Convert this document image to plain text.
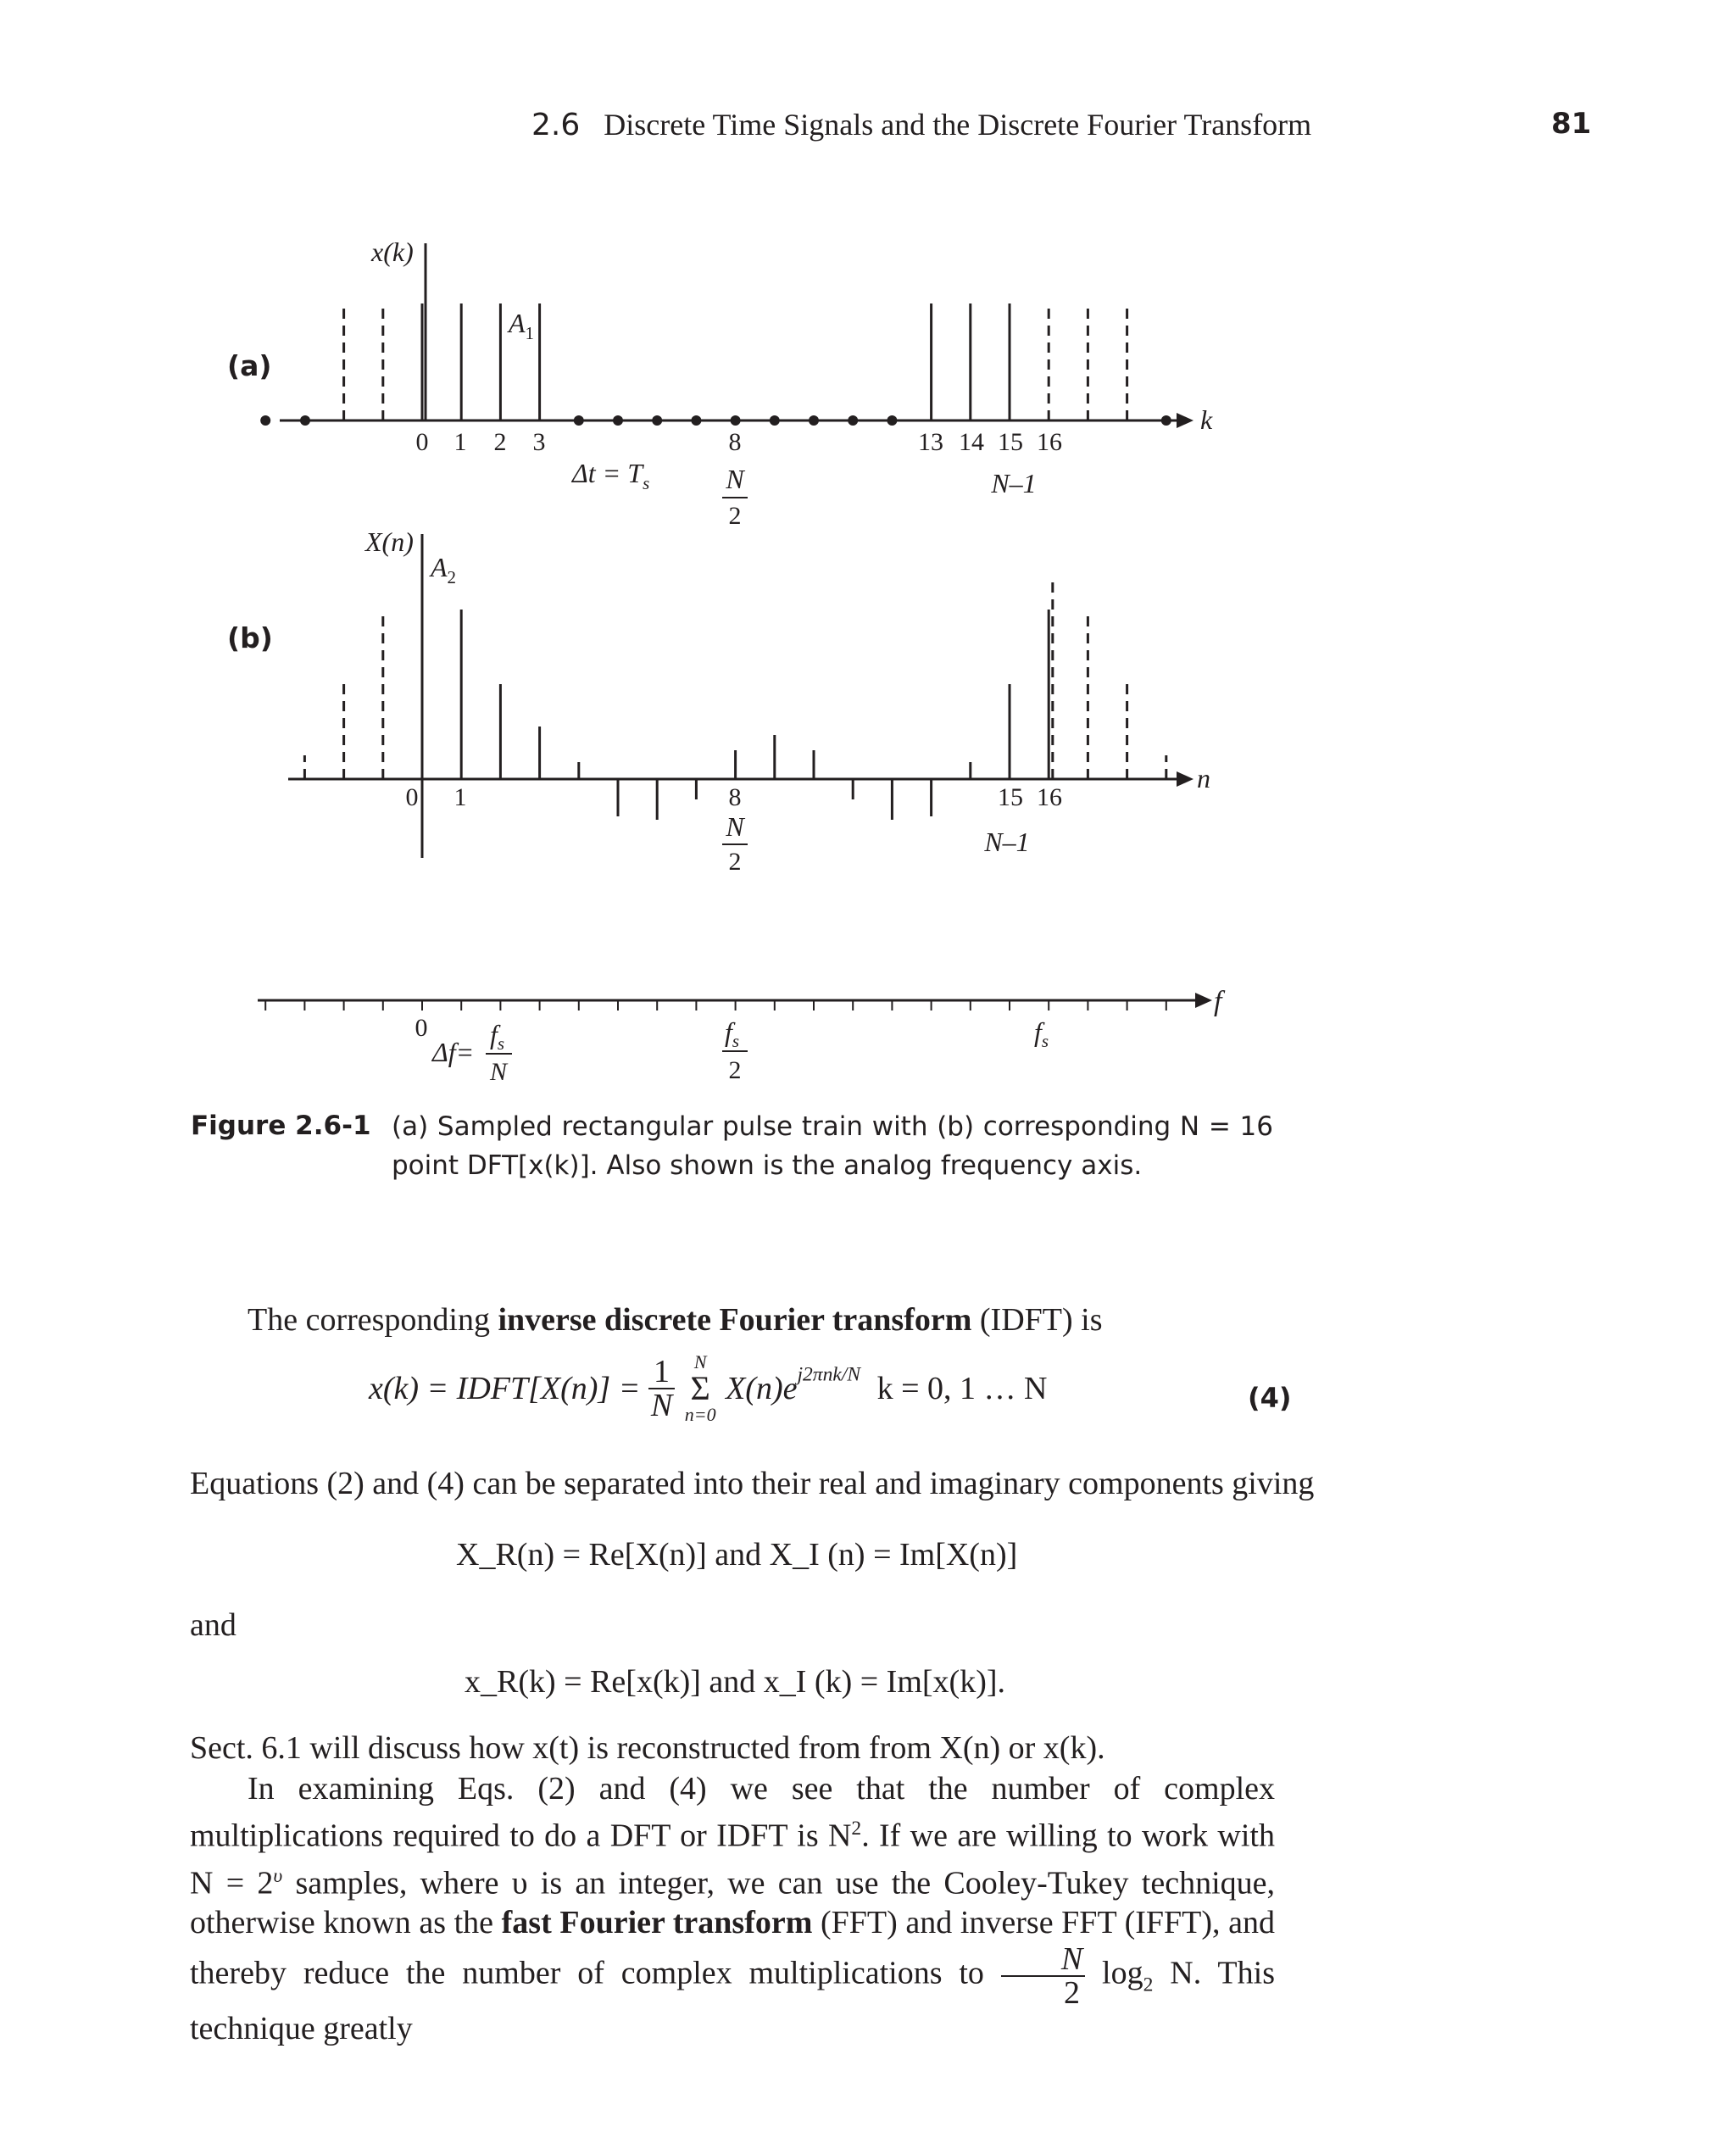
2.6 Discrete Time Signals and the Discrete Fourier Transform	81
(a)
x(k)
k
$A_1$
0 1 2 3	8	13 14 15 16
$\Delta t = T_s$	N
2
N–1
(b)
X(n)
n
$A_2$
0 1	8	15 16
N
2
N–1
f
0
Δf=
$f_s$
N
$f_s$
2
$f_s$
Figure 2.6-1 (a) Sampled rectangular pulse train with (b) corresponding N = 16 point DFT[x(k)]. Also shown is the analog frequency axis.
The corresponding inverse discrete Fourier transform (IDFT) is
x(k) = IDFT[X(n)] = $\frac{1}{N}$
	N
Σ
n=0
$X(n)e^{j2\pi nk/N}$ k = 0, 1 … N	(4)
Equations (2) and (4) can be separated into their real and imaginary components giving
X_R(n) = Re[X(n)] and X_I (n) = Im[X(n)]
and
x_R(k) = Re[x(k)] and x_I (k) = Im[x(k)].
Sect. 6.1 will discuss how x(t) is reconstructed from from X(n) or x(k).
In examining Eqs. (2) and (4) we see that the number of complex multiplications required to do a DFT or IDFT is $N^2$. If we are willing to work with $N = 2^\upsilon$ samples, where υ is an integer, we can use the Cooley-Tukey technique, otherwise known as the fast Fourier transform (FFT) and inverse FFT (IFFT), and thereby reduce the number of complex multiplications to $\frac{N}{2} \log_2 N$. This technique greatly
